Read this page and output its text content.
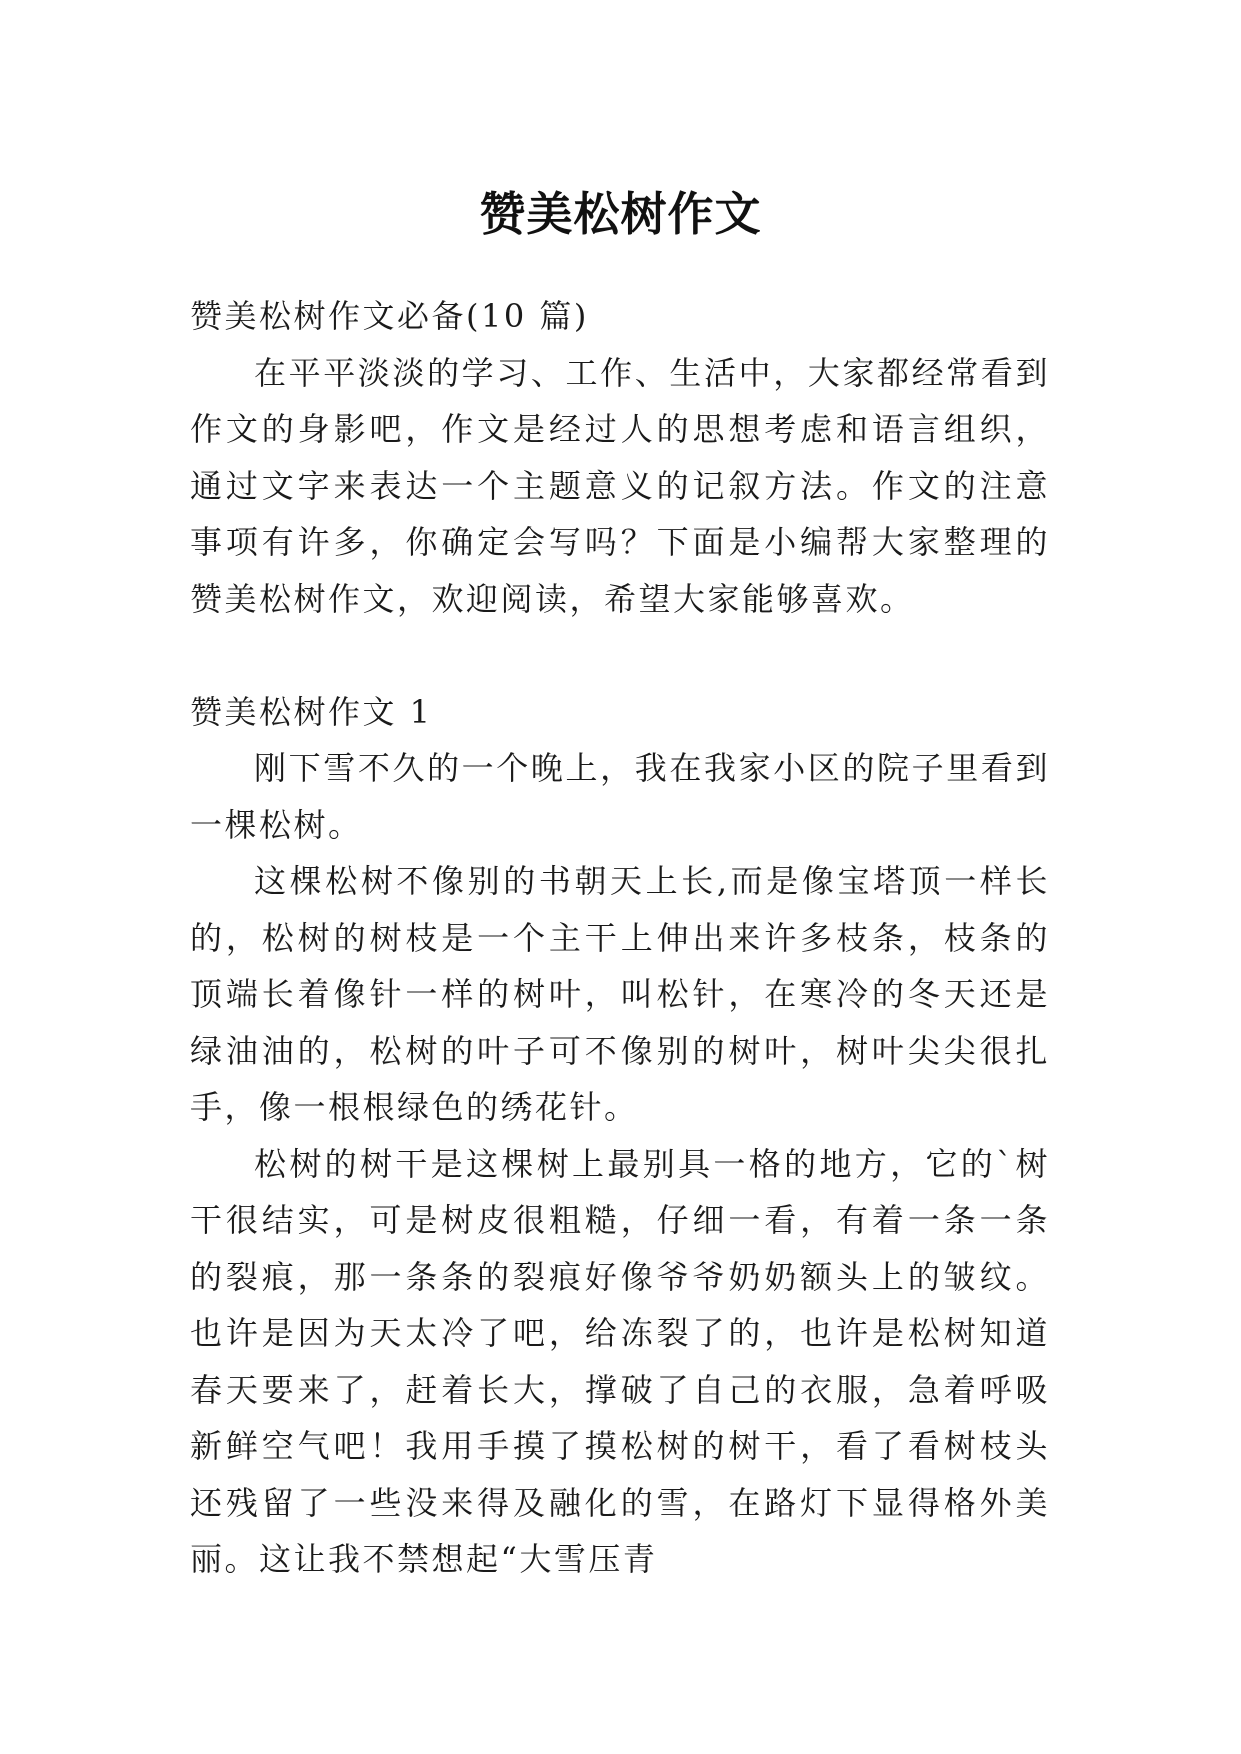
赞美松树作文

赞美松树作文必备(10 篇)

在平平淡淡的学习、工作、生活中，大家都经常看到作文的身影吧，作文是经过人的思想考虑和语言组织，通过文字来表达一个主题意义的记叙方法。作文的注意事项有许多，你确定会写吗？下面是小编帮大家整理的赞美松树作文，欢迎阅读，希望大家能够喜欢。

赞美松树作文 1

刚下雪不久的一个晚上，我在我家小区的院子里看到一棵松树。

这棵松树不像别的书朝天上长,而是像宝塔顶一样长的，松树的树枝是一个主干上伸出来许多枝条，枝条的顶端长着像针一样的树叶，叫松针，在寒冷的冬天还是绿油油的，松树的叶子可不像别的树叶，树叶尖尖很扎手，像一根根绿色的绣花针。

松树的树干是这棵树上最别具一格的地方，它的`树干很结实，可是树皮很粗糙，仔细一看，有着一条一条的裂痕，那一条条的裂痕好像爷爷奶奶额头上的皱纹。也许是因为天太冷了吧，给冻裂了的，也许是松树知道春天要来了，赶着长大，撑破了自己的衣服，急着呼吸新鲜空气吧！我用手摸了摸松树的树干，看了看树枝头还残留了一些没来得及融化的雪，在路灯下显得格外美丽。这让我不禁想起“大雪压青
